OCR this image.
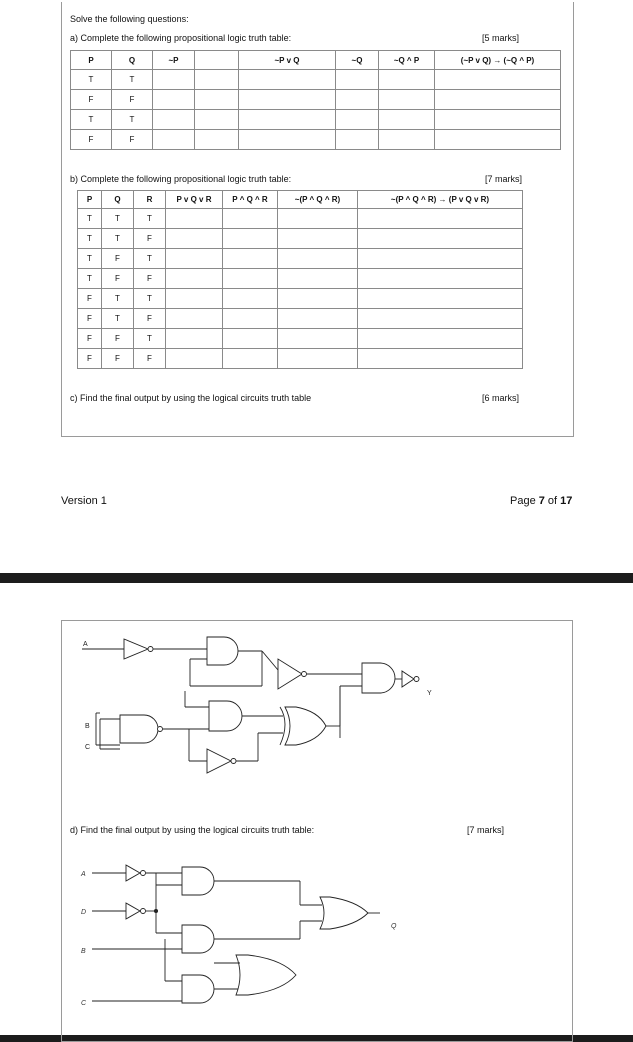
Solve the following questions:
a) Complete the following propositional logic truth table:	[5 marks]
P	Q	~P		~P v Q	~Q	~Q ^ P	(~P v Q) → (~Q ^ P)
T	T						
F	F						
T	T						
F	F						
b) Complete the following propositional logic truth table:	[7 marks]
P	Q	R	P v Q v R	P ^ Q ^ R	~(P ^ Q ^ R)	~(P ^ Q ^ R) → (P v Q v R)
T	T	T				
T	T	F				
T	F	T				
T	F	F				
F	T	T				
F	T	F				
F	F	T				
F	F	F				
c) Find the final output by using the logical circuits truth table	[6 marks]
Version 1	Page 7 of 17
A
B
C
Y
d) Find the final output by using the logical circuits truth table:	[7 marks]
A
D
B
C
Q
